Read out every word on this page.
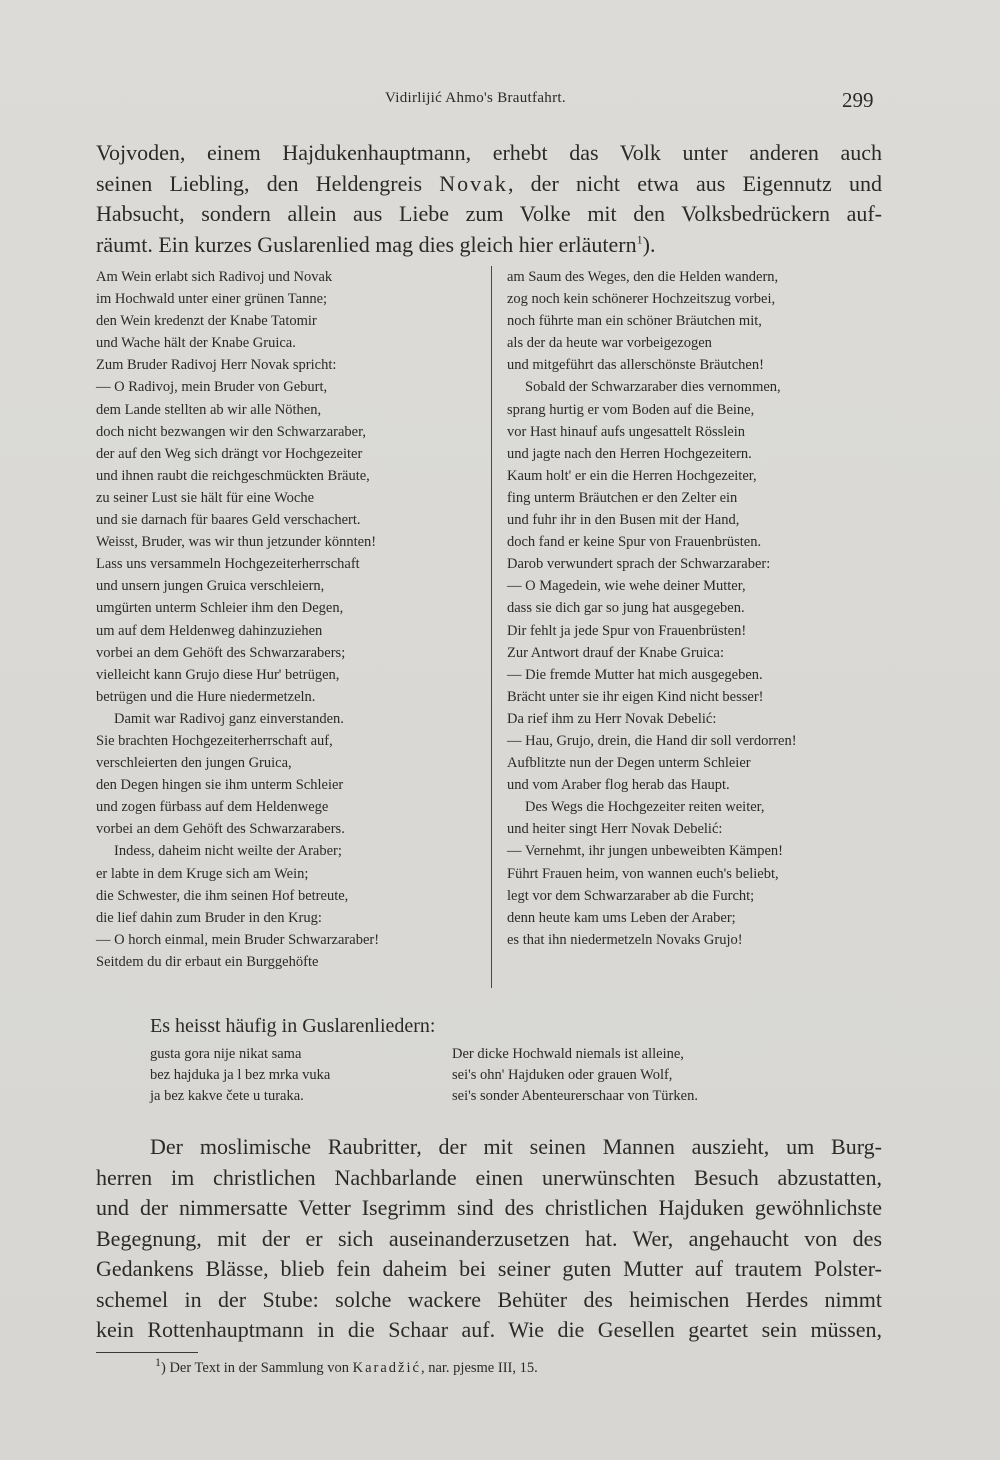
Vidirlijić Ahmo's Brautfahrt.	299
Vojvoden, einem Hajdukenhauptmann, erhebt das Volk unter anderen auch
seinen Liebling, den Heldengreis Novak, der nicht etwa aus Eigennutz und
Habsucht, sondern allein aus Liebe zum Volke mit den Volksbedrückern auf-
räumt. Ein kurzes Guslarenlied mag dies gleich hier erläutern$^1$).
Am Wein erlabt sich Radivoj und Novak
im Hochwald unter einer grünen Tanne;
den Wein kredenzt der Knabe Tatomir
und Wache hält der Knabe Gruica.
Zum Bruder Radivoj Herr Novak spricht:
— O Radivoj, mein Bruder von Geburt,
dem Lande stellten ab wir alle Nöthen,
doch nicht bezwangen wir den Schwarzaraber,
der auf den Weg sich drängt vor Hochgezeiter
und ihnen raubt die reichgeschmückten Bräute,
zu seiner Lust sie hält für eine Woche
und sie darnach für baares Geld verschachert.
Weisst, Bruder, was wir thun jetzunder könnten!
Lass uns versammeln Hochgezeiterherrschaft
und unsern jungen Gruica verschleiern,
umgürten unterm Schleier ihm den Degen,
um auf dem Heldenweg dahinzuziehen
vorbei an dem Gehöft des Schwarzarabers;
vielleicht kann Grujo diese Hur' betrügen,
betrügen und die Hure niedermetzeln.
Damit war Radivoj ganz einverstanden.
Sie brachten Hochgezeiterherrschaft auf,
verschleierten den jungen Gruica,
den Degen hingen sie ihm unterm Schleier
und zogen fürbass auf dem Heldenwege
vorbei an dem Gehöft des Schwarzarabers.
Indess, daheim nicht weilte der Araber;
er labte in dem Kruge sich am Wein;
die Schwester, die ihm seinen Hof betreute,
die lief dahin zum Bruder in den Krug:
— O horch einmal, mein Bruder Schwarzaraber!
Seitdem du dir erbaut ein Burggehöfte
am Saum des Weges, den die Helden wandern,
zog noch kein schönerer Hochzeitszug vorbei,
noch führte man ein schöner Bräutchen mit,
als der da heute war vorbeigezogen
und mitgeführt das allerschönste Bräutchen!
Sobald der Schwarzaraber dies vernommen,
sprang hurtig er vom Boden auf die Beine,
vor Hast hinauf aufs ungesattelt Rösslein
und jagte nach den Herren Hochgezeitern.
Kaum holt' er ein die Herren Hochgezeiter,
fing unterm Bräutchen er den Zelter ein
und fuhr ihr in den Busen mit der Hand,
doch fand er keine Spur von Frauenbrüsten.
Darob verwundert sprach der Schwarzaraber:
— O Magedein, wie wehe deiner Mutter,
dass sie dich gar so jung hat ausgegeben.
Dir fehlt ja jede Spur von Frauenbrüsten!
Zur Antwort drauf der Knabe Gruica:
— Die fremde Mutter hat mich ausgegeben.
Brächt unter sie ihr eigen Kind nicht besser!
Da rief ihm zu Herr Novak Debelić:
— Hau, Grujo, drein, die Hand dir soll verdorren!
Aufblitzte nun der Degen unterm Schleier
und vom Araber flog herab das Haupt.
Des Wegs die Hochgezeiter reiten weiter,
und heiter singt Herr Novak Debelić:
— Vernehmt, ihr jungen unbeweibten Kämpen!
Führt Frauen heim, von wannen euch's beliebt,
legt vor dem Schwarzaraber ab die Furcht;
denn heute kam ums Leben der Araber;
es that ihn niedermetzeln Novaks Grujo!
Es heisst häufig in Guslarenliedern:
gusta gora nije nikat sama
bez hajduka ja l bez mrka vuka
ja bez kakve čete u turaka.
Der dicke Hochwald niemals ist alleine,
sei's ohn' Hajduken oder grauen Wolf,
sei's sonder Abenteurerschaar von Türken.
Der moslimische Raubritter, der mit seinen Mannen auszieht, um Burg-
herren im christlichen Nachbarlande einen unerwünschten Besuch abzustatten,
und der nimmersatte Vetter Isegrimm sind des christlichen Hajduken gewöhnlichste
Begegnung, mit der er sich auseinanderzusetzen hat. Wer, angehaucht von des
Gedankens Blässe, blieb fein daheim bei seiner guten Mutter auf trautem Polster-
schemel in der Stube: solche wackere Behüter des heimischen Herdes nimmt
kein Rottenhauptmann in die Schaar auf. Wie die Gesellen geartet sein müssen,
$^1$) Der Text in der Sammlung von Karadžić, nar. pjesme III, 15.
